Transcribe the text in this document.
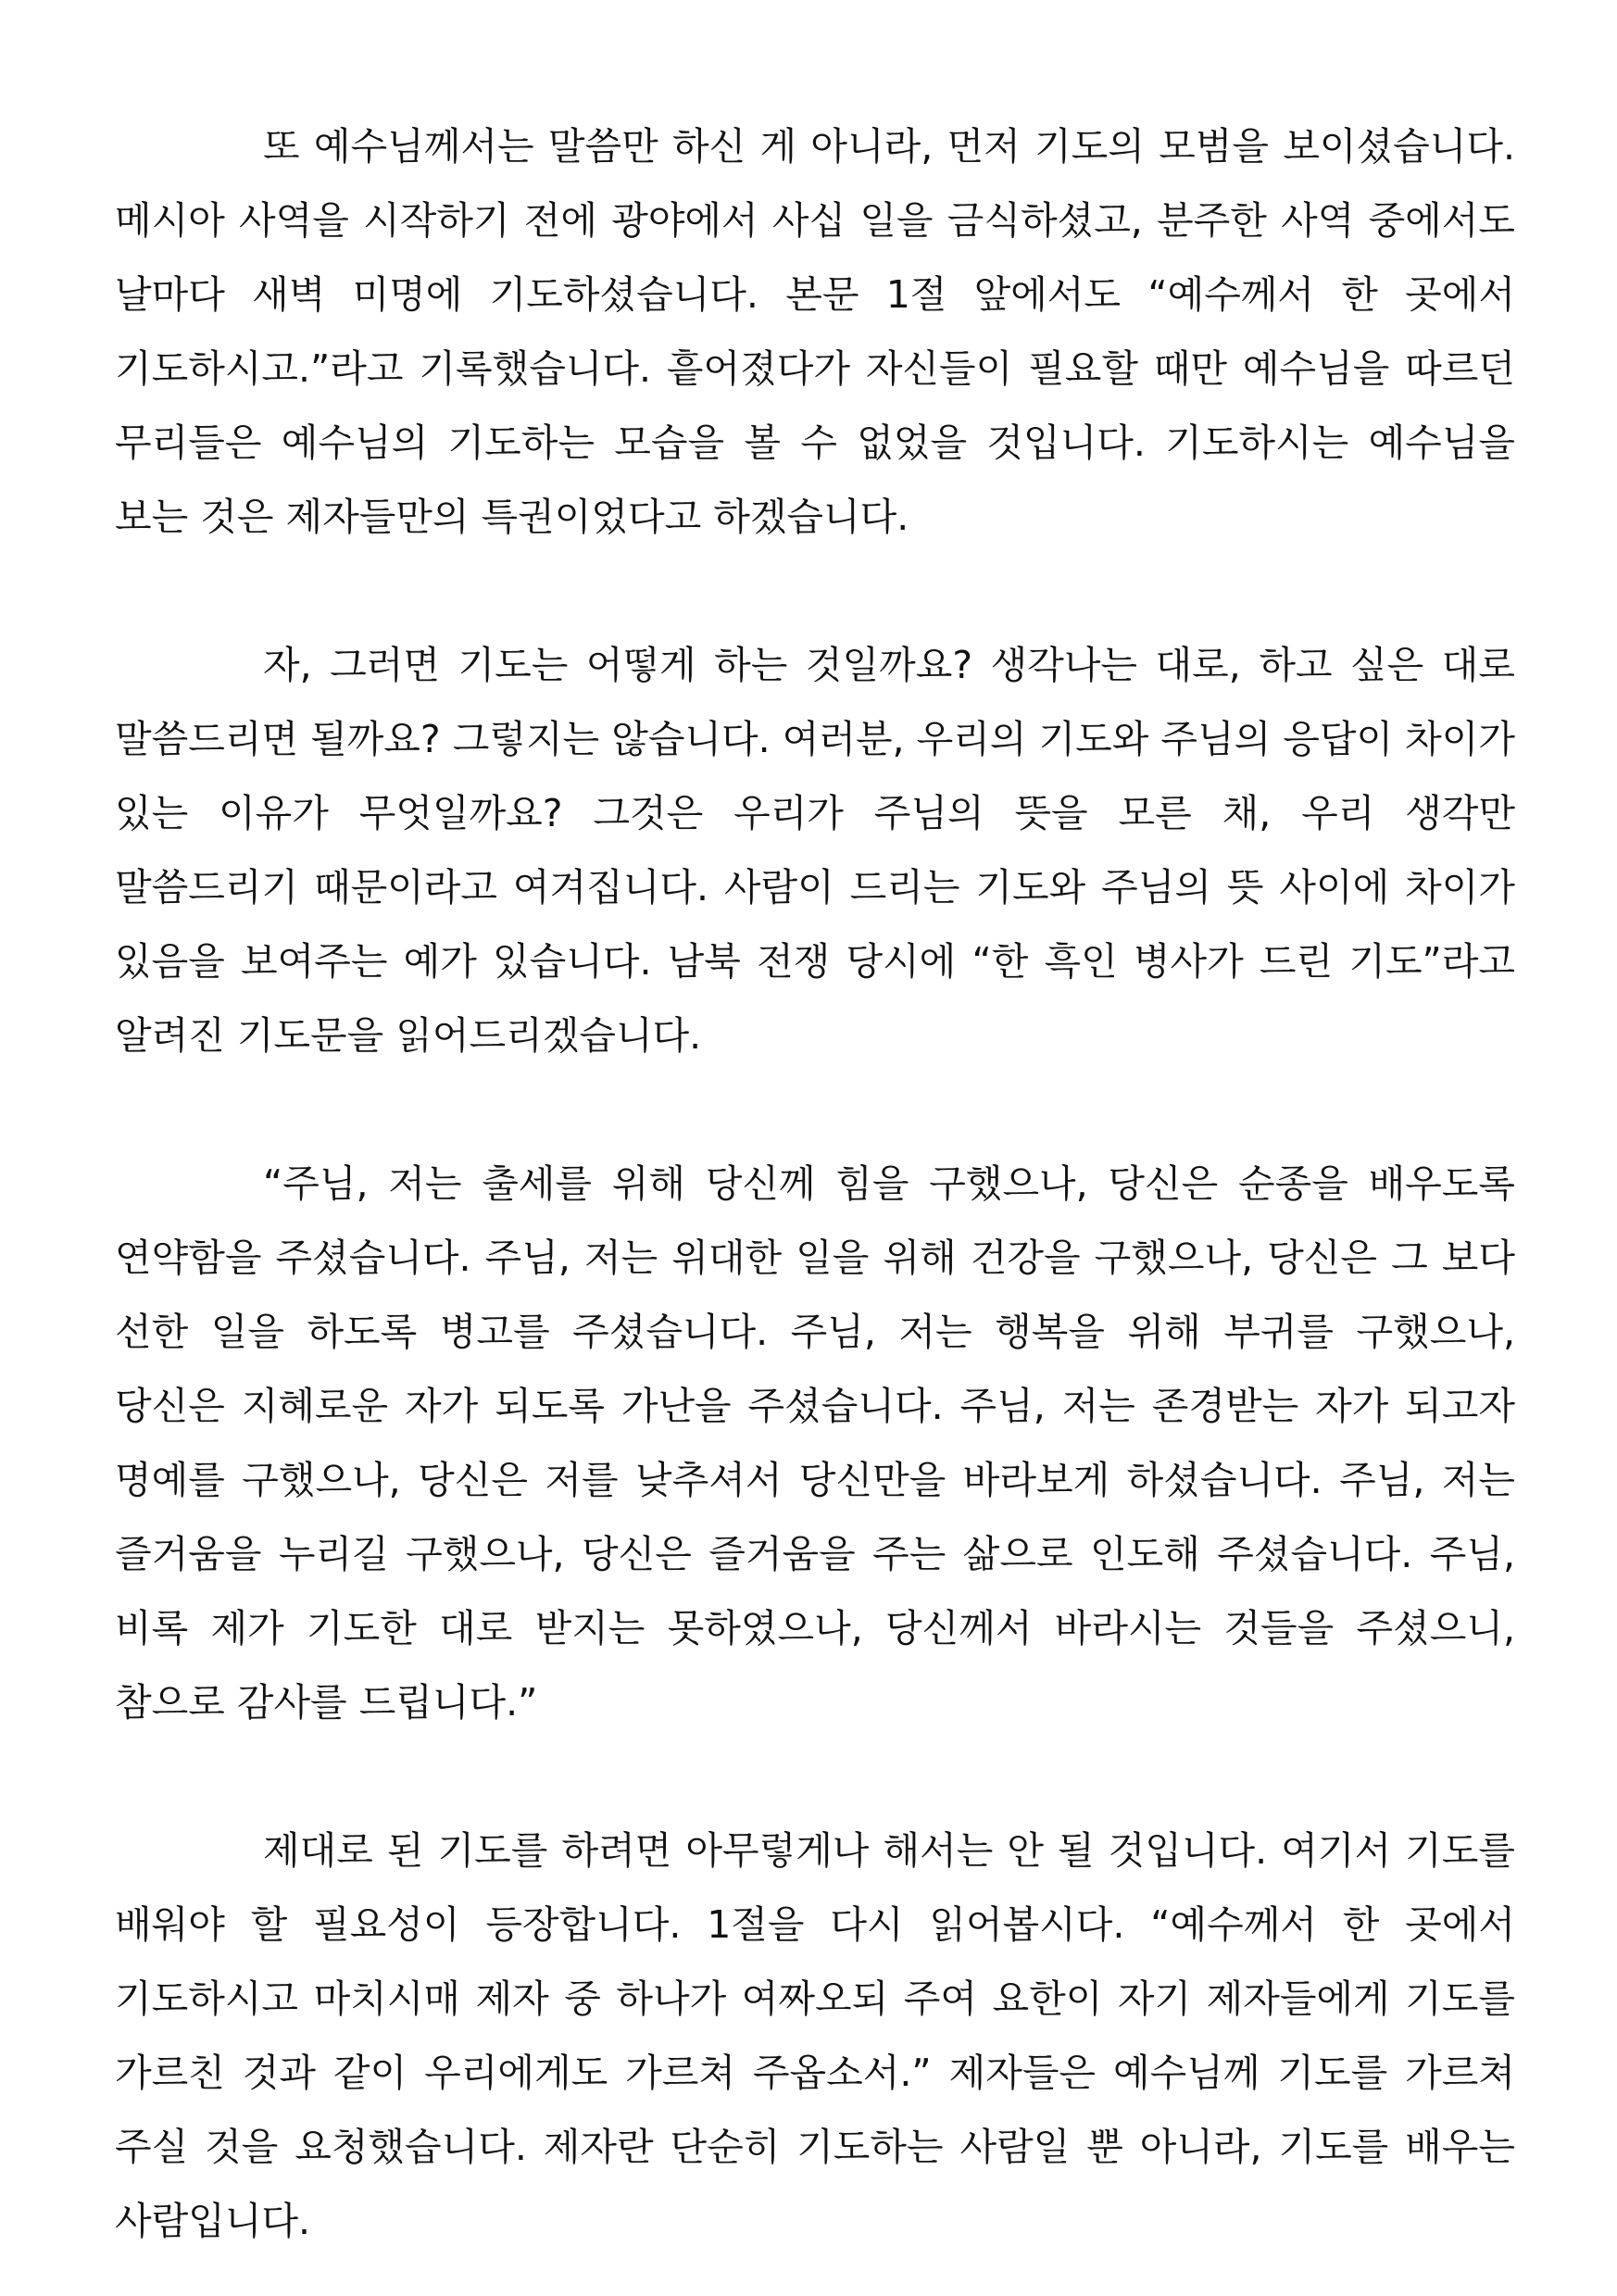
또 예수님께서는 말씀만 하신 게 아니라, 먼저 기도의 모범을 보이셨습니다. 메시아 사역을 시작하기 전에 광야에서 사십 일을 금식하셨고, 분주한 사역 중에서도 날마다 새벽 미명에 기도하셨습니다. 본문 1절 앞에서도 “예수께서 한 곳에서 기도하시고.”라고 기록했습니다. 흩어졌다가 자신들이 필요할 때만 예수님을 따르던 무리들은 예수님의 기도하는 모습을 볼 수 없었을 것입니다. 기도하시는 예수님을 보는 것은 제자들만의 특권이었다고 하겠습니다.

자, 그러면 기도는 어떻게 하는 것일까요? 생각나는 대로, 하고 싶은 대로 말씀드리면 될까요? 그렇지는 않습니다. 여러분, 우리의 기도와 주님의 응답이 차이가 있는 이유가 무엇일까요? 그것은 우리가 주님의 뜻을 모른 채, 우리 생각만 말씀드리기 때문이라고 여겨집니다. 사람이 드리는 기도와 주님의 뜻 사이에 차이가 있음을 보여주는 예가 있습니다. 남북 전쟁 당시에 “한 흑인 병사가 드린 기도”라고 알려진 기도문을 읽어드리겠습니다.

“주님, 저는 출세를 위해 당신께 힘을 구했으나, 당신은 순종을 배우도록 연약함을 주셨습니다. 주님, 저는 위대한 일을 위해 건강을 구했으나, 당신은 그 보다 선한 일을 하도록 병고를 주셨습니다. 주님, 저는 행복을 위해 부귀를 구했으나, 당신은 지혜로운 자가 되도록 가난을 주셨습니다. 주님, 저는 존경받는 자가 되고자 명예를 구했으나, 당신은 저를 낮추셔서 당신만을 바라보게 하셨습니다. 주님, 저는 즐거움을 누리길 구했으나, 당신은 즐거움을 주는 삶으로 인도해 주셨습니다. 주님, 비록 제가 기도한 대로 받지는 못하였으나, 당신께서 바라시는 것들을 주셨으니, 참으로 감사를 드립니다.”

제대로 된 기도를 하려면 아무렇게나 해서는 안 될 것입니다. 여기서 기도를 배워야 할 필요성이 등장합니다. 1절을 다시 읽어봅시다. “예수께서 한 곳에서 기도하시고 마치시매 제자 중 하나가 여짜오되 주여 요한이 자기 제자들에게 기도를 가르친 것과 같이 우리에게도 가르쳐 주옵소서.” 제자들은 예수님께 기도를 가르쳐 주실 것을 요청했습니다. 제자란 단순히 기도하는 사람일 뿐 아니라, 기도를 배우는 사람입니다.
